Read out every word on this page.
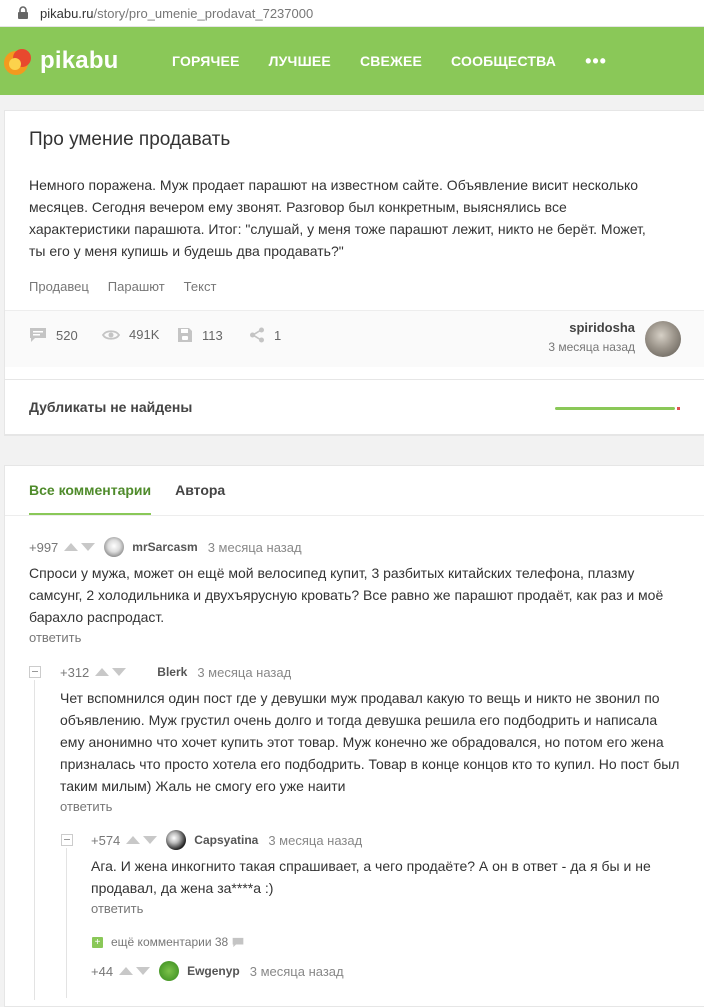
pikabu.ru /story/pro_umenie_prodavat_7237000
pikabu	ГОРЯЧЕЕ ЛУЧШЕЕ СВЕЖЕЕ СООБЩЕСТВА •••
Про умение продавать
Немного поражена. Муж продает парашют на известном сайте. Объявление висит несколько месяцев. Сегодня вечером ему звонят. Разговор был конкретным, выяснялись все характеристики парашюта. Итог: "слушай, у меня тоже парашют лежит, никто не берёт. Может, ты его у меня купишь и будешь два продавать?"
Продавец Парашют Текст
520	491K	113	1	spiridosha
3 месяца назад
Дубликаты не найдены
Все комментарии Автора
+997	mrSarcasm 3 месяца назад
Спроси у мужа, может он ещё мой велосипед купит, 3 разбитых китайских телефона, плазму самсунг, 2 холодильника и двухъярусную кровать? Все равно же парашют продаёт, как раз и моё барахло распродаст.
ответить
+312	Blerk 3 месяца назад
Чет вспомнился один пост где у девушки муж продавал какую то вещь и никто не звонил по объявлению. Муж грустил очень долго и тогда девушка решила его подбодрить и написала ему анонимно что хочет купить этот товар. Муж конечно же обрадовался, но потом его жена призналась что просто хотела его подбодрить. Товар в конце концов кто то купил. Но пост был таким милым) Жаль не смогу его уже наити
ответить
+574	Capsyatina 3 месяца назад
Ага. И жена инкогнито такая спрашивает, а чего продаёте? А он в ответ - да я бы и не продавал, да жена за****а :)
ответить
+ ещё комментарии
38
+44	Ewgenyp 3 месяца назад
